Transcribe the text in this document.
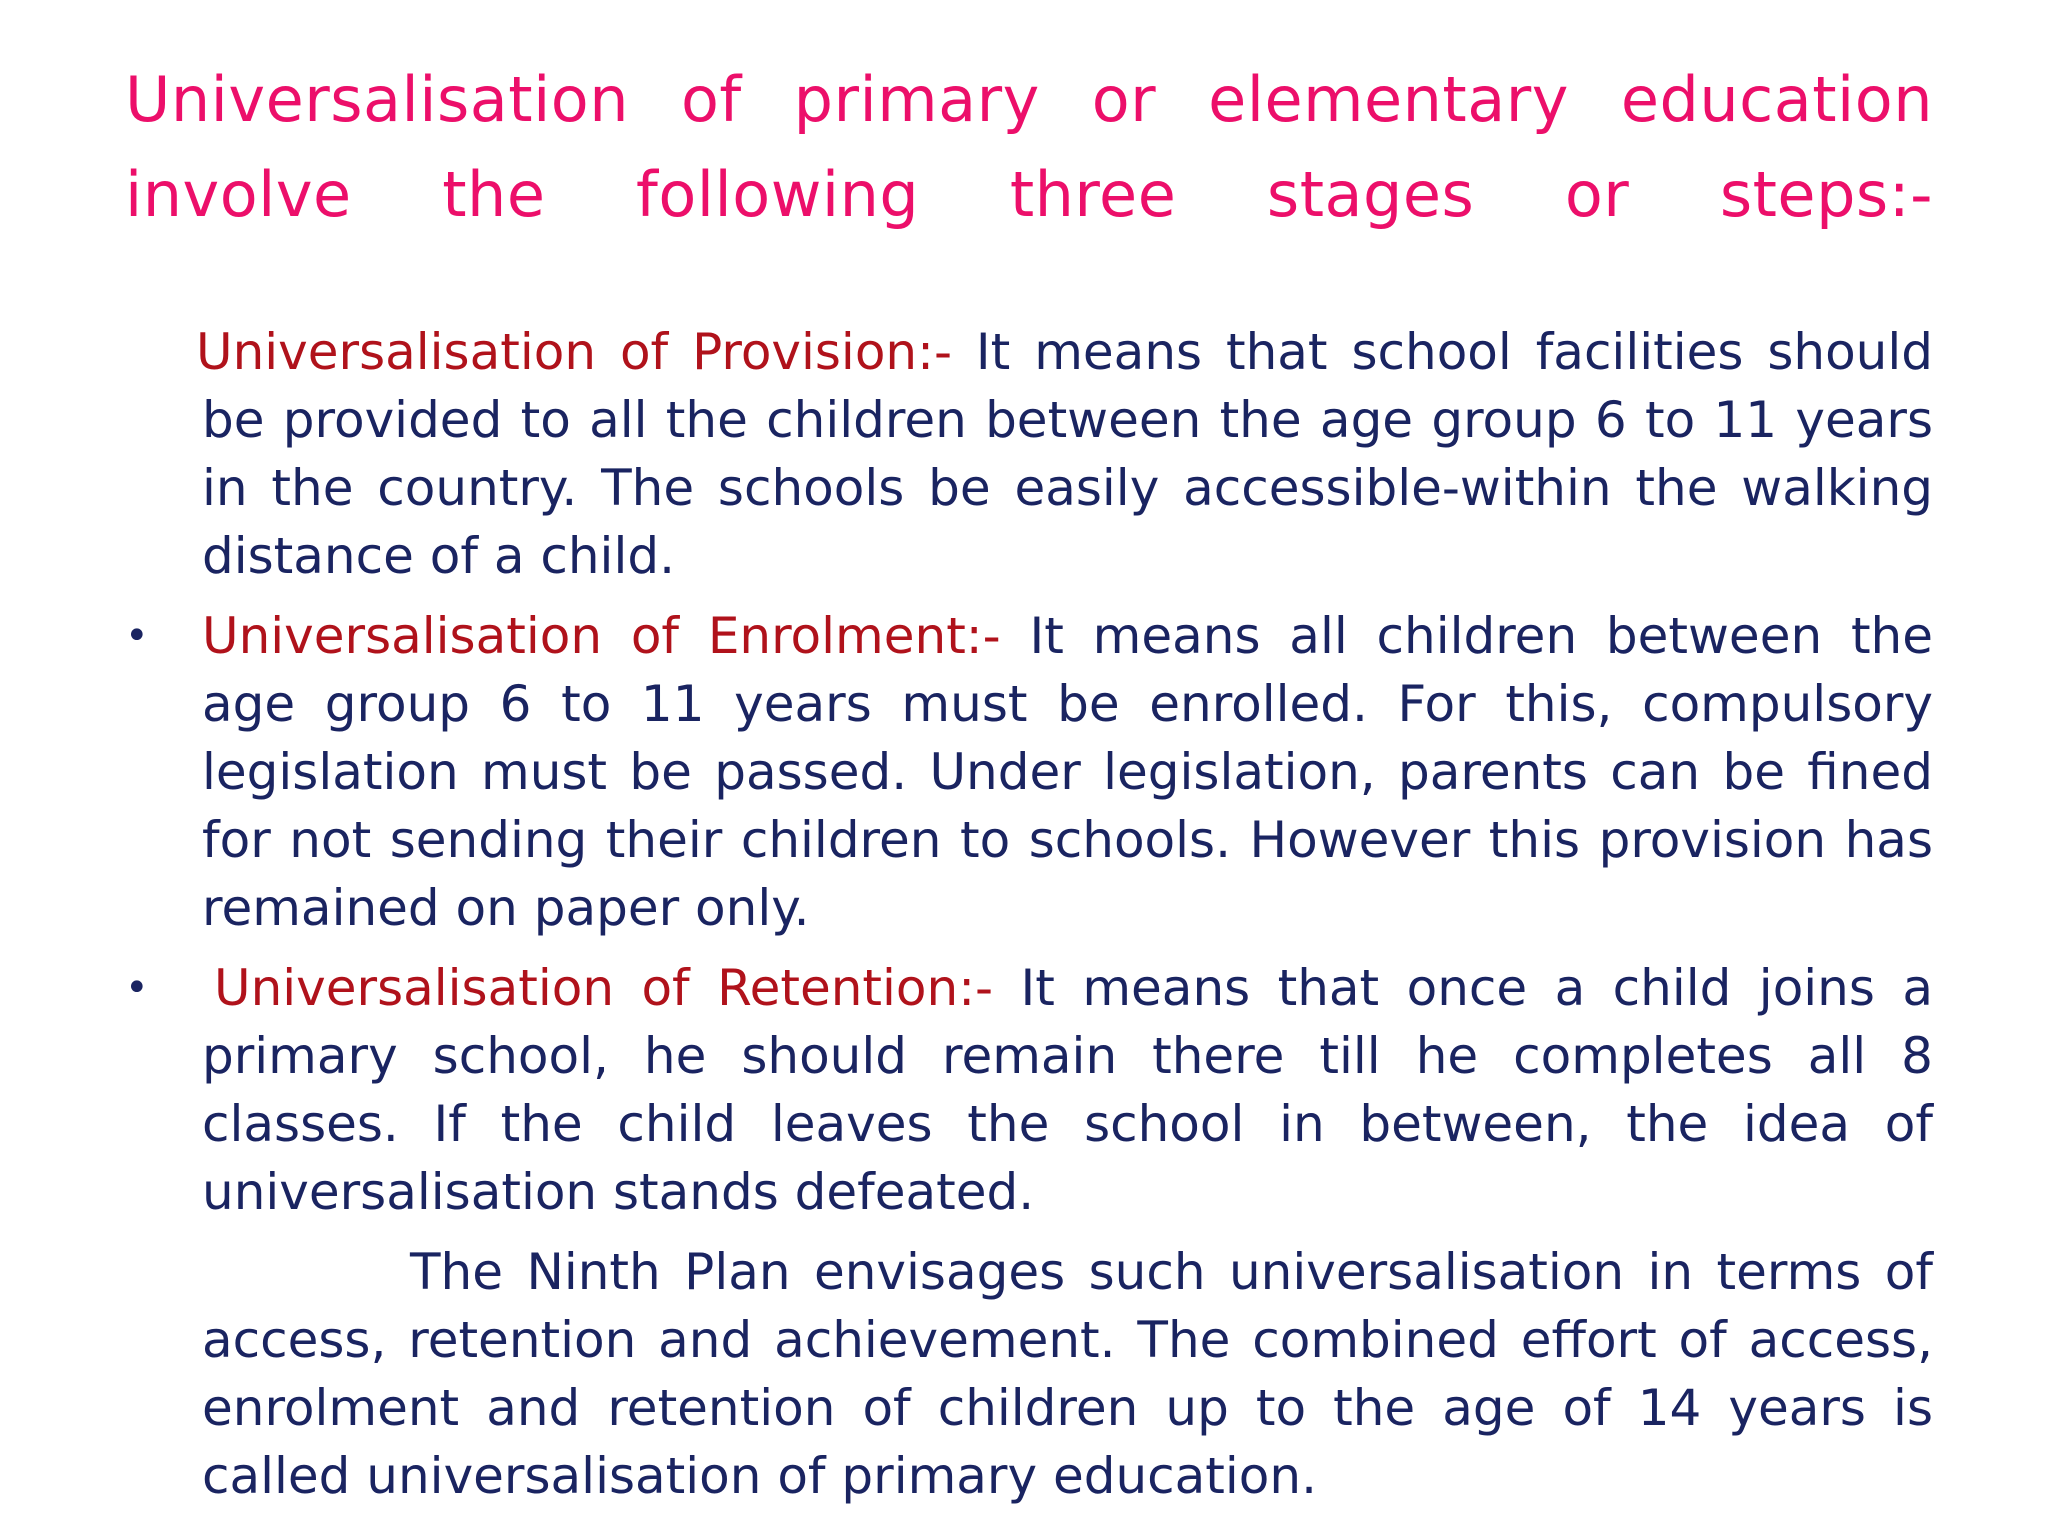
Universalisation of primary or elementary education involve the following three stages or steps:-

Universalisation of Provision:- It means that school facilities should be provided to all the children between the age group 6 to 11 years in the country. The schools be easily accessible-within the walking distance of a child.

•	Universalisation of Enrolment:- It means all children between the age group 6 to 11 years must be enrolled. For this, compulsory legislation must be passed. Under legislation, parents can be fined for not sending their children to schools. However this provision has remained on paper only.

•	Universalisation of Retention:- It means that once a child joins a primary school, he should remain there till he completes all 8 classes. If the child leaves the school in between, the idea of universalisation stands defeated.

The Ninth Plan envisages such universalisation in terms of access, retention and achievement. The combined effort of access, enrolment and retention of children up to the age of 14 years is called universalisation of primary education.
